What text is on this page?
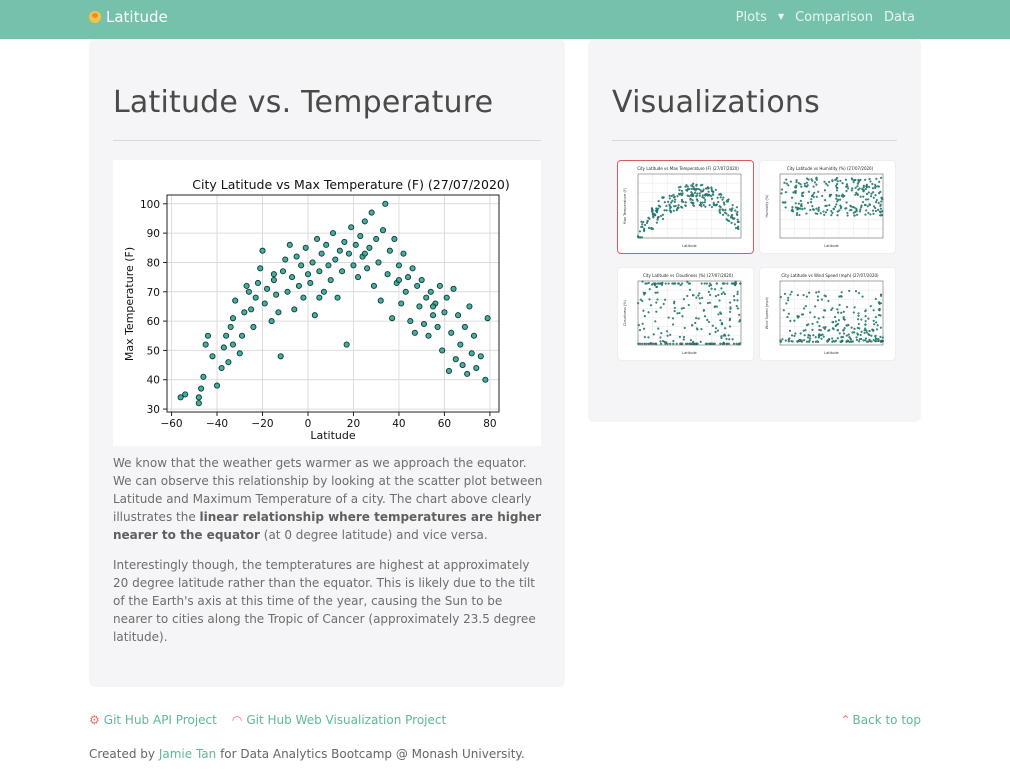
Latitude	Plots ▼ Comparison Data
Latitude vs. Temperature
City Latitude vs Max Temperature (F) (27/07/2020)
−60 −40 −20	0	20	40	60	80
30
40
50
60
70
80
90
100
Latitude
Max Temperature (F)

We know that the weather gets warmer as we approach the equator. We can observe this relationship by looking at the scatter plot between Latitude and Maximum Temperature of a city. The chart above clearly illustrates the linear relationship where temperatures are higher nearer to the equator (at 0 degree latitude) and vice versa.

Interestingly though, the tempteratures are highest at approximately 20 degree latitude rather than the equator. This is likely due to the tilt of the Earth's axis at this time of the year, causing the Sun to be nearer to cities along the Tropic of Cancer (approximately 23.5 degree latitude).

Visualizations
City Latitude vs Max Temperature (F) (27/07/2020)
Latitude
Max Temperature (F)
City Latitude vs Humidity (%) (27/07/2020)
Latitude
Humidity (%)
City Latitude vs Cloudiness (%) (27/07/2020)
Latitude
Cloudiness (%)
City Latitude vs Wind Speed (mph) (27/07/2020)
Latitude
Wind Speed (mph)
⚙ Git Hub API Project ◠ Git Hub Web Visualization Project	⌃ Back to top
Created by Jamie Tan for Data Analytics Bootcamp @ Monash University.
